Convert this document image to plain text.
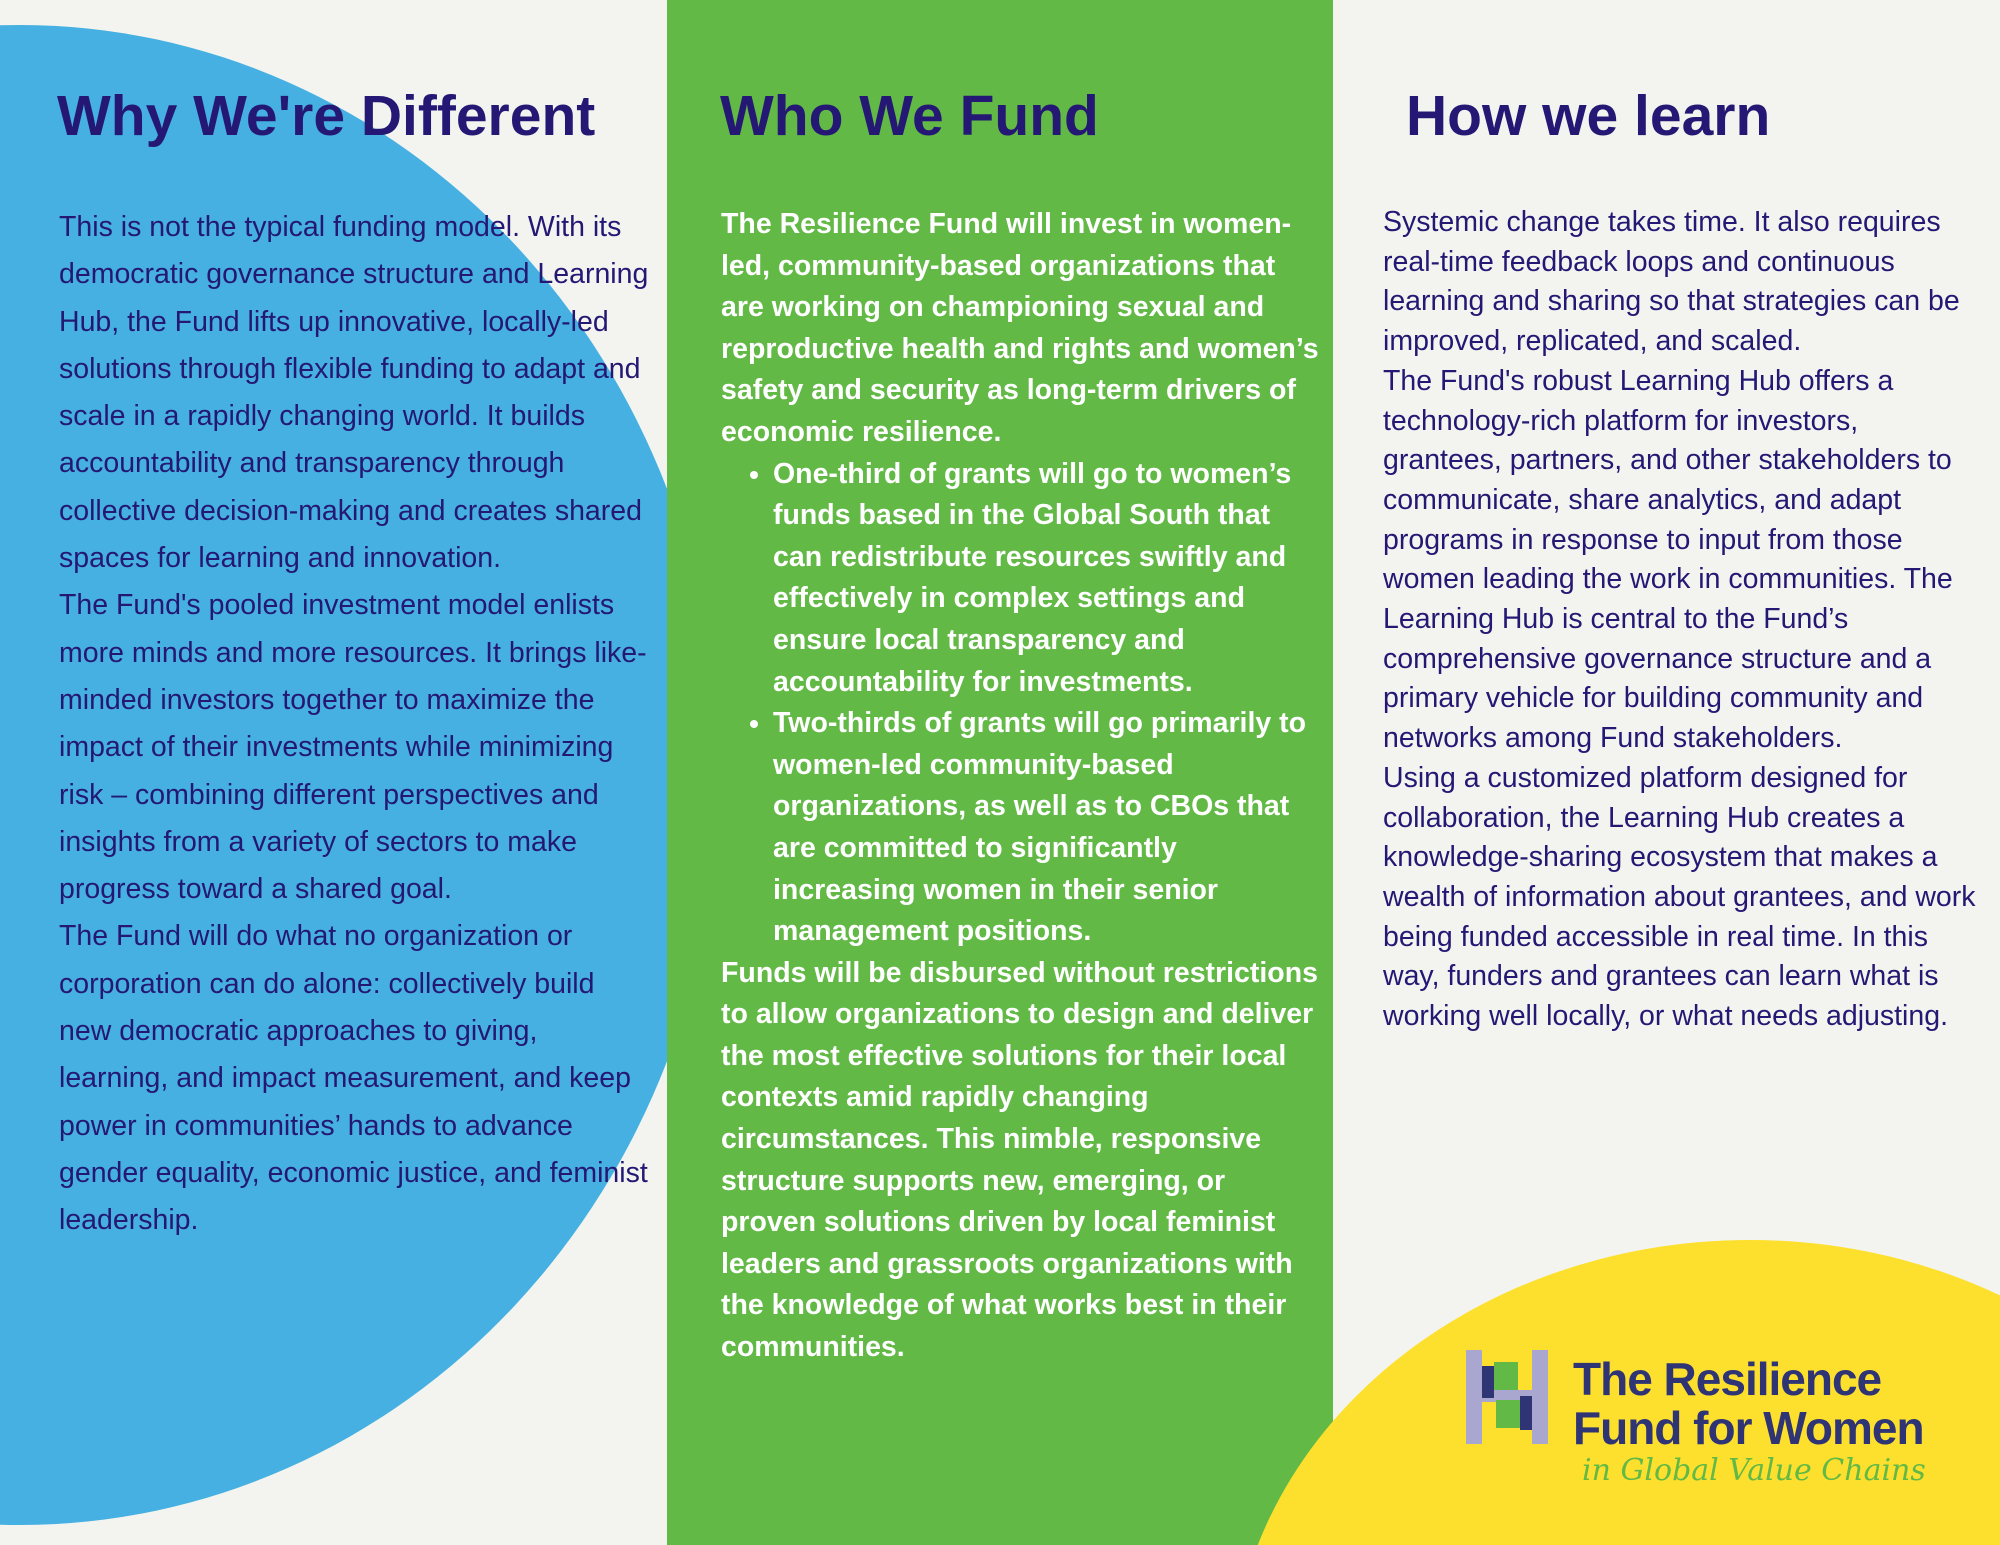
Why We're Different

This is not the typical funding model. With its democratic governance structure and Learning Hub, the Fund lifts up innovative, locally-led solutions through flexible funding to adapt and scale in a rapidly changing world. It builds accountability and transparency through collective decision-making and creates shared spaces for learning and innovation.

The Fund's pooled investment model enlists more minds and more resources. It brings like-minded investors together to maximize the impact of their investments while minimizing risk – combining different perspectives and insights from a variety of sectors to make progress toward a shared goal.

The Fund will do what no organization or corporation can do alone: collectively build new democratic approaches to giving, learning, and impact measurement, and keep power in communities’ hands to advance gender equality, economic justice, and feminist leadership.

Who We Fund

The Resilience Fund will invest in women-led, community-based organizations that are working on championing sexual and reproductive health and rights and women’s safety and security as long-term drivers of economic resilience.

• One-third of grants will go to women’s funds based in the Global South that can redistribute resources swiftly and effectively in complex settings and ensure local transparency and accountability for investments.
• Two-thirds of grants will go primarily to women-led community-based organizations, as well as to CBOs that are committed to significantly increasing women in their senior management positions.

Funds will be disbursed without restrictions to allow organizations to design and deliver the most effective solutions for their local contexts amid rapidly changing circumstances. This nimble, responsive structure supports new, emerging, or proven solutions driven by local feminist leaders and grassroots organizations with the knowledge of what works best in their communities.

How we learn

Systemic change takes time. It also requires real-time feedback loops and continuous learning and sharing so that strategies can be improved, replicated, and scaled.

The Fund's robust Learning Hub offers a technology-rich platform for investors, grantees, partners, and other stakeholders to communicate, share analytics, and adapt programs in response to input from those women leading the work in communities. The Learning Hub is central to the Fund’s comprehensive governance structure and a primary vehicle for building community and networks among Fund stakeholders.

Using a customized platform designed for collaboration, the Learning Hub creates a knowledge-sharing ecosystem that makes a wealth of information about grantees, and work being funded accessible in real time. In this way, funders and grantees can learn what is working well locally, or what needs adjusting.

The Resilience
Fund for Women
in Global Value Chains
